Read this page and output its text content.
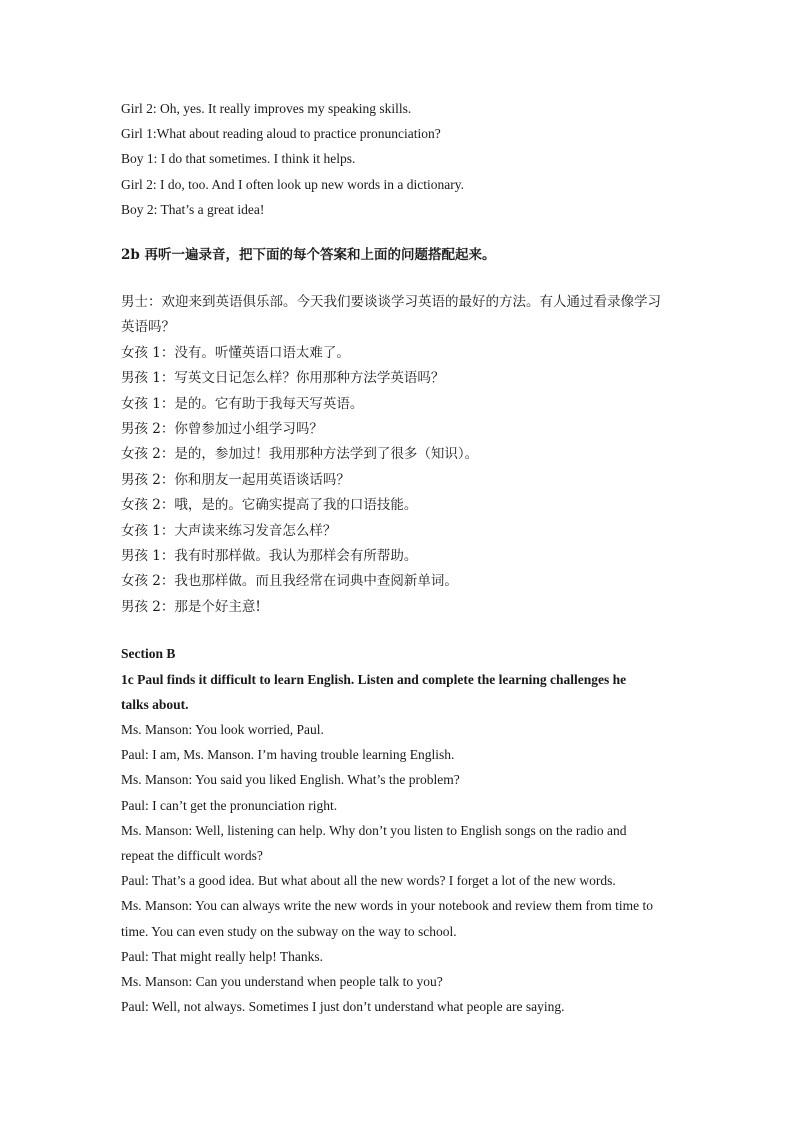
Girl 2: Oh, yes. It really improves my speaking skills.
Girl 1:What about reading aloud to practice pronunciation?
Boy 1: I do that sometimes. I think it helps.
Girl 2: I do, too. And I often look up new words in a dictionary.
Boy 2: That’s a great idea!
2b 再听一遍录音，把下面的每个答案和上面的问题搭配起来。
男士：欢迎来到英语俱乐部。今天我们要谈谈学习英语的最好的方法。有人通过看录像学习
英语吗？
女孩 1：没有。听懂英语口语太难了。
男孩 1：写英文日记怎么样？你用那种方法学英语吗？
女孩 1：是的。它有助于我每天写英语。
男孩 2：你曾参加过小组学习吗？
女孩 2：是的，参加过！我用那种方法学到了很多（知识）。
男孩 2：你和朋友一起用英语谈话吗？
女孩 2：哦，是的。它确实提高了我的口语技能。
女孩 1：大声读来练习发音怎么样？
男孩 1：我有时那样做。我认为那样会有所帮助。
女孩 2：我也那样做。而且我经常在词典中查阅新单词。
男孩 2：那是个好主意!
Section B
1c Paul finds it difficult to learn English. Listen and complete the learning challenges he
talks about.
Ms. Manson: You look worried, Paul.
Paul: I am, Ms. Manson. I’m having trouble learning English.
Ms. Manson: You said you liked English. What’s the problem?
Paul: I can’t get the pronunciation right.
Ms. Manson: Well, listening can help. Why don’t you listen to English songs on the radio and
repeat the difficult words?
Paul: That’s a good idea. But what about all the new words? I forget a lot of the new words.
Ms. Manson: You can always write the new words in your notebook and review them from time to
time. You can even study on the subway on the way to school.
Paul: That might really help! Thanks.
Ms. Manson: Can you understand when people talk to you?
Paul: Well, not always. Sometimes I just don’t understand what people are saying.
